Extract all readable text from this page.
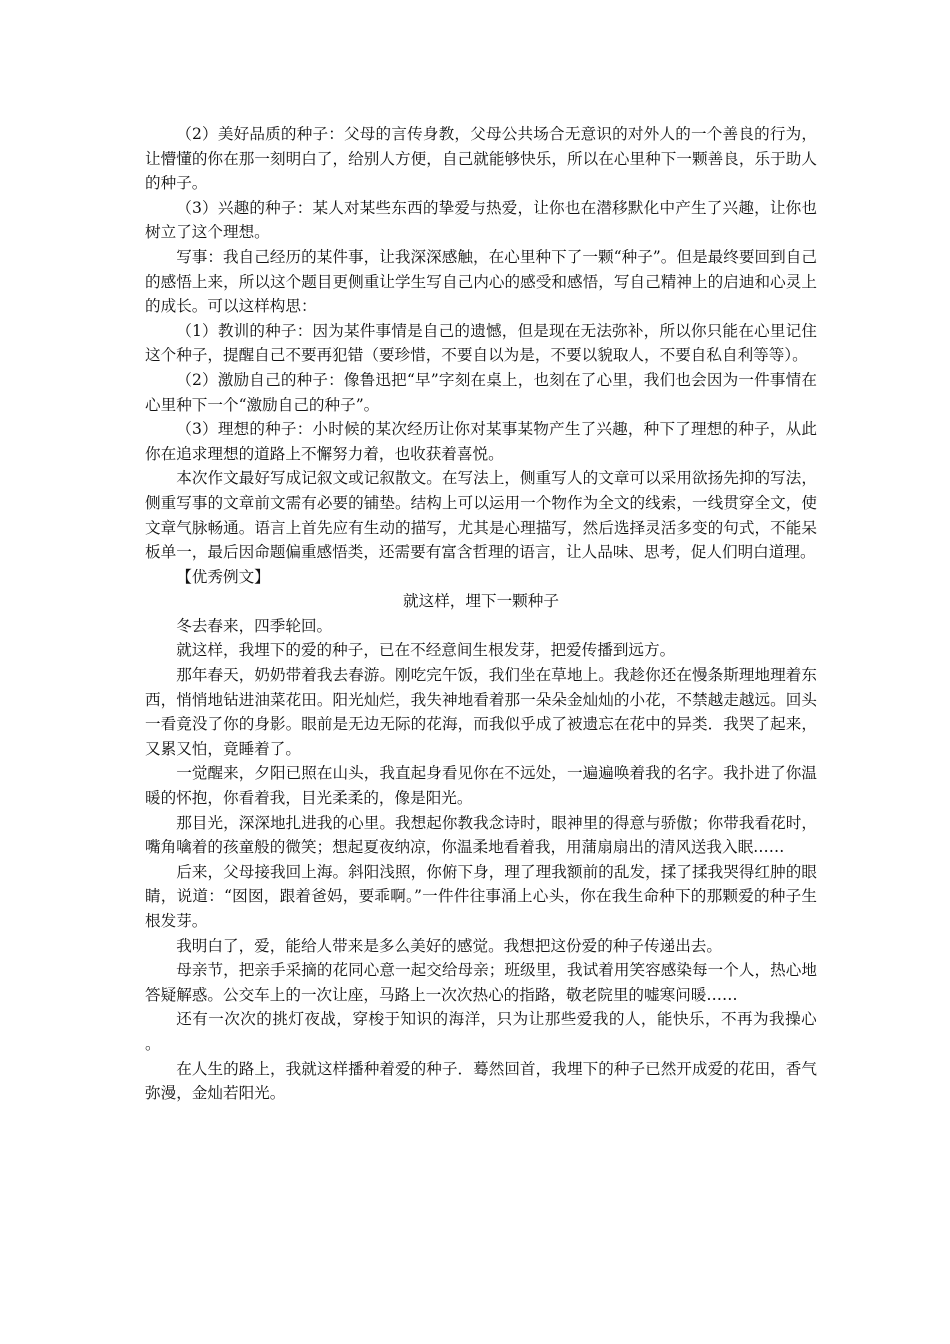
（2）美好品质的种子：父母的言传身教，父母公共场合无意识的对外人的一个善良的行为，让懵懂的你在那一刻明白了，给别人方便，自己就能够快乐，所以在心里种下一颗善良，乐于助人的种子。

（3）兴趣的种子：某人对某些东西的挚爱与热爱，让你也在潜移默化中产生了兴趣，让你也树立了这个理想。

写事：我自己经历的某件事，让我深深感触，在心里种下了一颗“种子”。但是最终要回到自己的感悟上来，所以这个题目更侧重让学生写自己内心的感受和感悟，写自己精神上的启迪和心灵上的成长。可以这样构思：

（1）教训的种子：因为某件事情是自己的遗憾，但是现在无法弥补，所以你只能在心里记住这个种子，提醒自己不要再犯错（要珍惜，不要自以为是，不要以貌取人，不要自私自利等等）。

（2）激励自己的种子：像鲁迅把“早”字刻在桌上，也刻在了心里，我们也会因为一件事情在心里种下一个“激励自己的种子”。

（3）理想的种子：小时候的某次经历让你对某事某物产生了兴趣，种下了理想的种子，从此你在追求理想的道路上不懈努力着，也收获着喜悦。

本次作文最好写成记叙文或记叙散文。在写法上，侧重写人的文章可以采用欲扬先抑的写法，侧重写事的文章前文需有必要的铺垫。结构上可以运用一个物作为全文的线索，一线贯穿全文，使文章气脉畅通。语言上首先应有生动的描写，尤其是心理描写，然后选择灵活多变的句式，不能呆板单一，最后因命题偏重感悟类，还需要有富含哲理的语言，让人品味、思考，促人们明白道理。

【优秀例文】

就这样，埋下一颗种子

冬去春来，四季轮回。

就这样，我埋下的爱的种子，已在不经意间生根发芽，把爱传播到远方。

那年春天，奶奶带着我去春游。刚吃完午饭，我们坐在草地上。我趁你还在慢条斯理地理着东西，悄悄地钻进油菜花田。阳光灿烂，我失神地看着那一朵朵金灿灿的小花，不禁越走越远。回头一看竟没了你的身影。眼前是无边无际的花海，而我似乎成了被遗忘在花中的异类．我哭了起来，又累又怕，竟睡着了。

一觉醒来，夕阳已照在山头，我直起身看见你在不远处，一遍遍唤着我的名字。我扑进了你温暖的怀抱，你看着我，目光柔柔的，像是阳光。

那目光，深深地扎进我的心里。我想起你教我念诗时，眼神里的得意与骄傲；你带我看花时，嘴角噙着的孩童般的微笑；想起夏夜纳凉，你温柔地看着我，用蒲扇扇出的清风送我入眠……

后来，父母接我回上海。斜阳浅照，你俯下身，理了理我额前的乱发，揉了揉我哭得红肿的眼睛，说道：“囡囡，跟着爸妈，要乖啊。”一件件往事涌上心头，你在我生命种下的那颗爱的种子生根发芽。

我明白了，爱，能给人带来是多么美好的感觉。我想把这份爱的种子传递出去。

母亲节，把亲手采摘的花同心意一起交给母亲；班级里，我试着用笑容感染每一个人，热心地答疑解惑。公交车上的一次让座，马路上一次次热心的指路，敬老院里的嘘寒问暖……

还有一次次的挑灯夜战，穿梭于知识的海洋，只为让那些爱我的人，能快乐，不再为我操心。

在人生的路上，我就这样播种着爱的种子．蓦然回首，我埋下的种子已然开成爱的花田，香气弥漫，金灿若阳光。
